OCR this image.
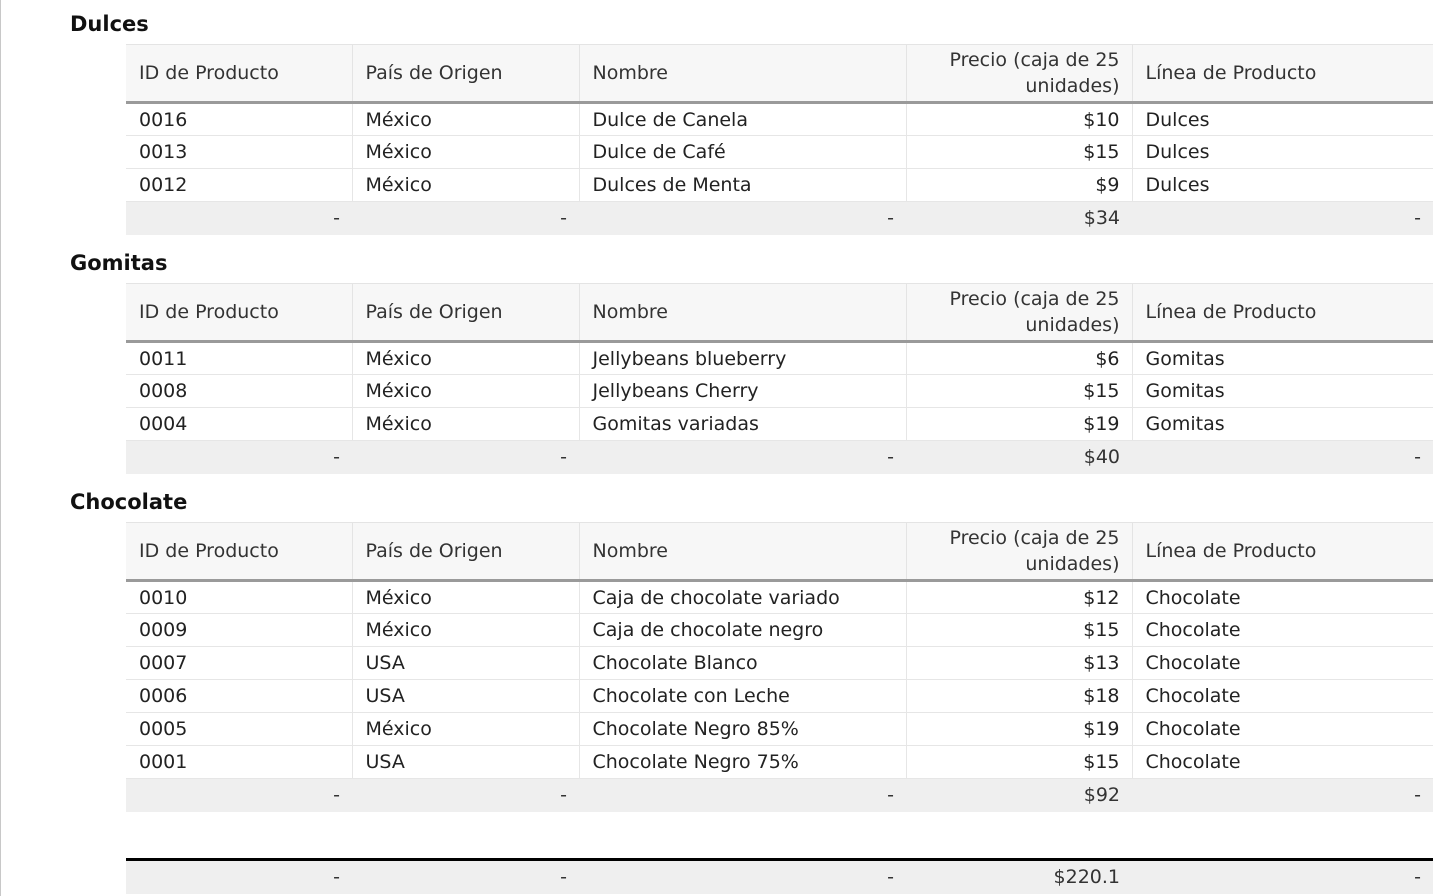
Dulces
ID de Producto	País de Origen	Nombre	Precio (caja de 25 unidades)	Línea de Producto
0016	México	Dulce de Canela	$10	Dulces
0013	México	Dulce de Café	$15	Dulces
0012	México	Dulces de Menta	$9	Dulces
-	-	-	$34	-
Gomitas
ID de Producto	País de Origen	Nombre	Precio (caja de 25 unidades)	Línea de Producto
0011	México	Jellybeans blueberry	$6	Gomitas
0008	México	Jellybeans Cherry	$15	Gomitas
0004	México	Gomitas variadas	$19	Gomitas
-	-	-	$40	-
Chocolate
ID de Producto	País de Origen	Nombre	Precio (caja de 25 unidades)	Línea de Producto
0010	México	Caja de chocolate variado	$12	Chocolate
0009	México	Caja de chocolate negro	$15	Chocolate
0007	USA	Chocolate Blanco	$13	Chocolate
0006	USA	Chocolate con Leche	$18	Chocolate
0005	México	Chocolate Negro 85%	$19	Chocolate
0001	USA	Chocolate Negro 75%	$15	Chocolate
-	-	-	$92	-
-	-	-	$220.1	-
